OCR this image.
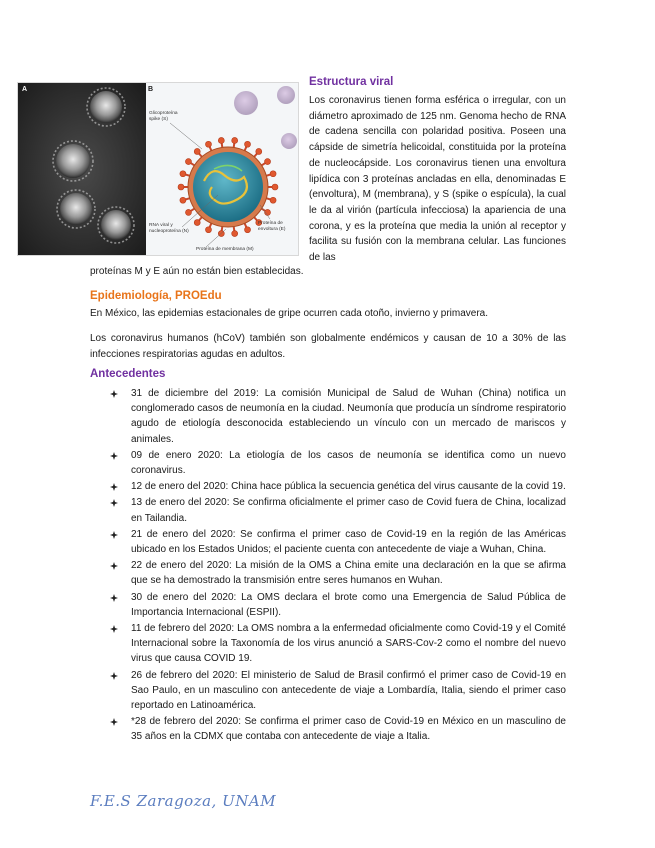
A	B
Glicoproteína spike (S)
RNA viral y nucleoproteína (N)
Proteína de envoltura (E)
Proteína de membrana (M)
Estructura viral
Los coronavirus tienen forma esférica o irregular, con un diámetro aproximado de 125 nm. Genoma hecho de RNA de cadena sencilla con polaridad positiva. Poseen una cápside de simetría helicoidal, constituida por la proteína de nucleocápside. Los coronavirus tienen una envoltura lipídica con 3 proteínas ancladas en ella, denominadas E (envoltura), M (membrana), y S (spike o espícula), la cual le da al virión (partícula infecciosa) la apariencia de una corona, y es la proteína que media la unión al receptor y facilita su fusión con la membrana celular. Las funciones de las
proteínas M y E aún no están bien establecidas.
Epidemiología, PROEdu
En México, las epidemias estacionales de gripe ocurren cada otoño, invierno y primavera.
Los coronavirus humanos (hCoV) también son globalmente endémicos y causan de 10 a 30% de las infecciones respiratorias agudas en adultos.
Antecedentes
31 de diciembre del 2019: La comisión Municipal de Salud de Wuhan (China) notifica un conglomerado casos de neumonía en la ciudad. Neumonía que producía un síndrome respiratorio agudo de etiología desconocida estableciendo un vínculo con un mercado de mariscos y animales.
09 de enero 2020: La etiología de los casos de neumonía se identifica como un nuevo coronavirus.
12 de enero del 2020: China hace pública la secuencia genética del virus causante de la covid 19.
13 de enero del 2020: Se confirma oficialmente el primer caso de Covid fuera de China, localizad en Tailandia.
21 de enero del 2020: Se confirma el primer caso de Covid-19 en la región de las Américas ubicado en los Estados Unidos; el paciente cuenta con antecedente de viaje a Wuhan, China.
22 de enero del 2020: La misión de la OMS a China emite una declaración en la que se afirma que se ha demostrado la transmisión entre seres humanos en Wuhan.
30 de enero del 2020: La OMS declara el brote como una Emergencia de Salud Pública de Importancia Internacional (ESPII).
11 de febrero del 2020: La OMS nombra a la enfermedad oficialmente como Covid-19 y el Comité Internacional sobre la Taxonomía de los virus anunció a SARS-Cov-2 como el nombre del nuevo virus que causa COVID 19.
26 de febrero del 2020: El ministerio de Salud de Brasil confirmó el primer caso de Covid-19 en Sao Paulo, en un masculino con antecedente de viaje a Lombardía, Italia, siendo el primer caso reportado en Latinoamérica.
*28 de febrero del 2020: Se confirma el primer caso de Covid-19 en México en un masculino de 35 años en la CDMX que contaba con antecedente de viaje a Italia.
F.E.S Zaragoza, UNAM
